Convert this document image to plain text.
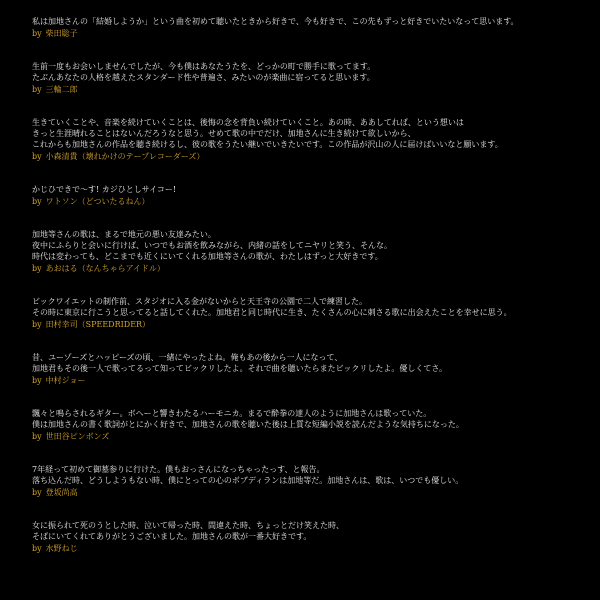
私は加地さんの「結婚しようか」という曲を初めて聴いたときから好きで、今も好きで、この先もずっと好きでいたいなって思います。
by 柴田聡子
生前一度もお会いしませんでしたが、今も僕はあなたうたを、どっかの町で勝手に歌ってます。
たぶんあなたの人格を越えたスタンダード性や普遍さ、みたいのが楽曲に宿ってると思います。
by 三輪二郎
生きていくことや、音楽を続けていくことは、後悔の念を背負い続けていくこと。あの時、ああしてれば、という想いは
きっと生涯晴れることはないんだろうなと思う。せめて歌の中でだけ、加地さんに生き続けて欲しいから、
これからも加地さんの作品を聴き続けるし、彼の歌をうたい継いでいきたいです。この作品が沢山の人に届けばいいなと願います。
by 小森清貴（壊れかけのテープレコーダーズ）
かじひできで〜す! カジひとしサイコー!
by ワトソン（どついたるねん）
加地等さんの歌は、まるで地元の悪い友達みたい。
夜中にふらりと会いに行けば、いつでもお酒を飲みながら、内緒の話をしてニヤリと笑う、そんな。
時代は変わっても、どこまでも近くにいてくれる加地等さんの歌が、わたしはずっと大好きです。
by あおはる（なんちゃらアイドル）
ビックワイエットの制作前、スタジオに入る金がないからと天王寺の公園で二人で練習した。
その時に東京に行こうと思ってると話してくれた。加地君と同じ時代に生き、たくさんの心に刺さる歌に出会えたことを幸せに思う。
by 田村幸司（SPEEDRIDER）
昔、ユーゾーズとハッピーズの頃、一緒にやったよね。俺もあの後から一人になって、
加地君もその後一人で歌ってるって知ってビックリしたよ。それで曲を聴いたらまたビックリしたよ。優しくてさ。
by 中村ジョー
飄々と鳴らされるギター。ボヘーと響きわたるハーモニカ。まるで酔拳の達人のように加地さんは歌っていた。
僕は加地さんの書く歌詞がとにかく好きで、加地さんの歌を聴いた後は上質な短編小説を読んだような気持ちになった。
by 世田谷ピンボンズ
7年経って初めて御墓参りに行けた。僕もおっさんになっちゃったっす、と報告。
落ち込んだ時、どうしようもない時、僕にとっての心のボブディランは加地等だ。加地さんは、歌は、いつでも優しい。
by 登坂尚高
女に振られて死のうとした時、泣いて帰った時、間違えた時、ちょっとだけ笑えた時、
そばにいてくれてありがとうございました。加地さんの歌が一番大好きです。
by 水野ねじ
